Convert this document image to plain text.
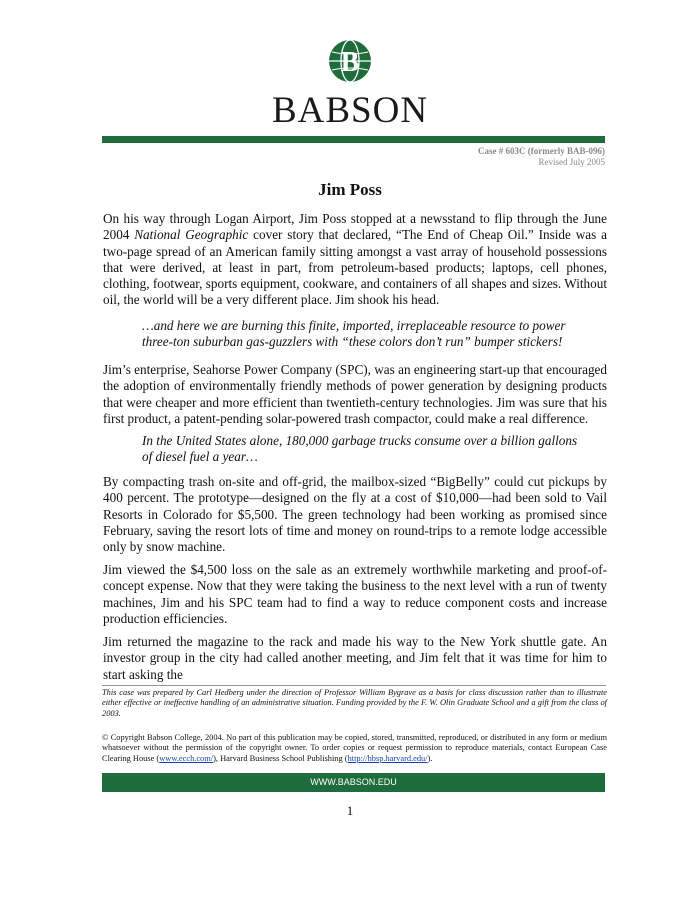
B
BABSON
Case # 603C (formerly BAB-096)
Revised July 2005
Jim Poss
On his way through Logan Airport, Jim Poss stopped at a newsstand to flip through the June 2004 National Geographic cover story that declared, “The End of Cheap Oil.” Inside was a two-page spread of an American family sitting amongst a vast array of household possessions that were derived, at least in part, from petroleum-based products; laptops, cell phones, clothing, footwear, sports equipment, cookware, and containers of all shapes and sizes. Without oil, the world will be a very different place. Jim shook his head.
…and here we are burning this finite, imported, irreplaceable resource to power
three-ton suburban gas-guzzlers with “these colors don’t run” bumper stickers!
Jim’s enterprise, Seahorse Power Company (SPC), was an engineering start-up that encouraged the adoption of environmentally friendly methods of power generation by designing products that were cheaper and more efficient than twentieth-century technologies. Jim was sure that his first product, a patent-pending solar-powered trash compactor, could make a real difference.
In the United States alone, 180,000 garbage trucks consume over a billion gallons
of diesel fuel a year…
By compacting trash on-site and off-grid, the mailbox-sized “BigBelly” could cut pickups by 400 percent. The prototype—designed on the fly at a cost of $10,000—had been sold to Vail Resorts in Colorado for $5,500. The green technology had been working as promised since February, saving the resort lots of time and money on round-trips to a remote lodge accessible only by snow machine.
Jim viewed the $4,500 loss on the sale as an extremely worthwhile marketing and proof-of-concept expense. Now that they were taking the business to the next level with a run of twenty machines, Jim and his SPC team had to find a way to reduce component costs and increase production efficiencies.
Jim returned the magazine to the rack and made his way to the New York shuttle gate. An investor group in the city had called another meeting, and Jim felt that it was time for him to start asking the
This case was prepared by Carl Hedberg under the direction of Professor William Bygrave as a basis for class discussion rather than to illustrate either effective or ineffective handling of an administrative situation. Funding provided by the F. W. Olin Graduate School and a gift from the class of 2003.
© Copyright Babson College, 2004. No part of this publication may be copied, stored, transmitted, reproduced, or distributed in any form or medium whatsoever without the permission of the copyright owner. To order copies or request permission to reproduce materials, contact European Case Clearing House (www.ecch.com/), Harvard Business School Publishing (http://hbsp.harvard.edu/).
WWW.BABSON.EDU
1
